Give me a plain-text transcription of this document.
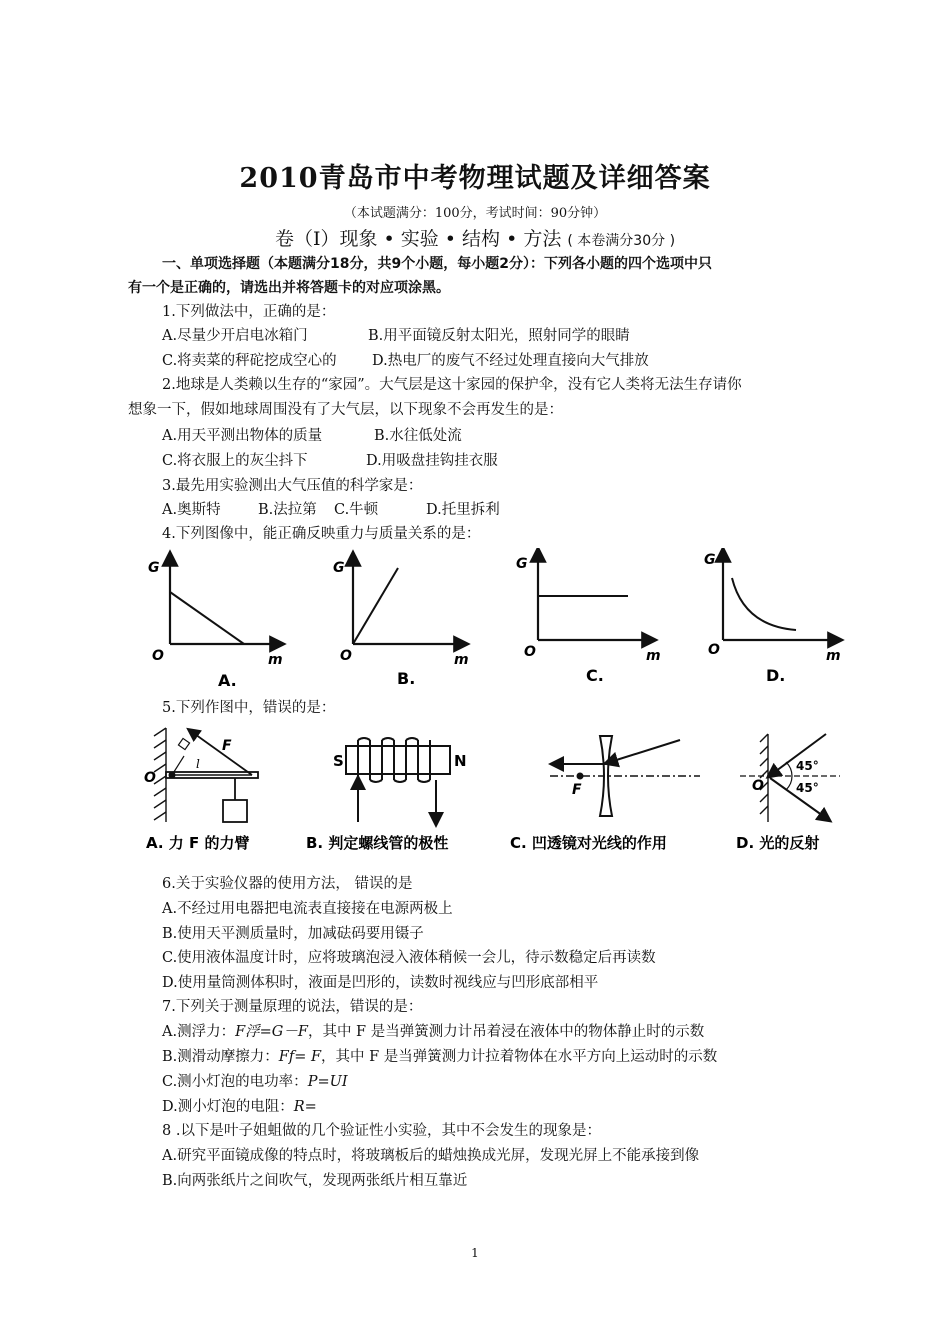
2010青岛市中考物理试题及详细答案
（本试题满分：100分，考试时间：90分钟）
卷（I）现象 • 实验 • 结构 • 方法 ( 本卷满分30分 )
一、单项选择题（本题满分18分，共9个小题，每小题2分）：下列各小题的四个选项中只
有一个是正确的，请选出并将答题卡的对应项涂黑。
1.下列做法中，正确的是：
A.尽量少开启电冰箱门	B.用平面镜反射太阳光，照射同学的眼睛
C.将卖菜的秤砣挖成空心的 D.热电厂的废气不经过处理直接向大气排放
2.地球是人类赖以生存的“家园”。大气层是这十家园的保护伞，没有它人类将无法生存请你
想象一下，假如地球周围没有了大气层，以下现象不会再发生的是：
A.用天平测出物体的质量	B.水往低处流
C.将衣服上的灰尘抖下	D.用吸盘挂钩挂衣服
3.最先用实验测出大气压值的科学家是：
A.奥斯特	B.法拉第 C.牛顿	D.托里拆利
4.下列图像中，能正确反映重力与质量关系的是：
G
O	m
A.
G
O	m
B.
G
O	m
C.
G
O	m
D.
5.下列作图中，错误的是：
F
l
O
S	N
F	O
45°
45°
A. 力 F 的力臂	B. 判定螺线管的极性	C. 凹透镜对光线的作用	D. 光的反射
6.关于实验仪器的使用方法， 错误的是
A.不经过用电器把电流表直接接在电源两极上
B.使用天平测质量时，加减砝码要用镊子
C.使用液体温度计时，应将玻璃泡浸入液体稍候一会儿，待示数稳定后再读数
D.使用量筒测体积时，液面是凹形的，读数时视线应与凹形底部相平
7.下列关于测量原理的说法，错误的是：
A.测浮力：F浮=G－F，其中 F 是当弹簧测力计吊着浸在液体中的物体静止时的示数
B.测滑动摩擦力：Ff= F，其中 F 是当弹簧测力计拉着物体在水平方向上运动时的示数
C.测小灯泡的电功率：P=UI
D.测小灯泡的电阻：R=
8 .以下是叶子姐蛆做的几个验证性小实验，其中不会发生的现象是：
A.研究平面镜成像的特点时，将玻璃板后的蜡烛换成光屏，发现光屏上不能承接到像
B.向两张纸片之间吹气，发现两张纸片相互靠近
1
